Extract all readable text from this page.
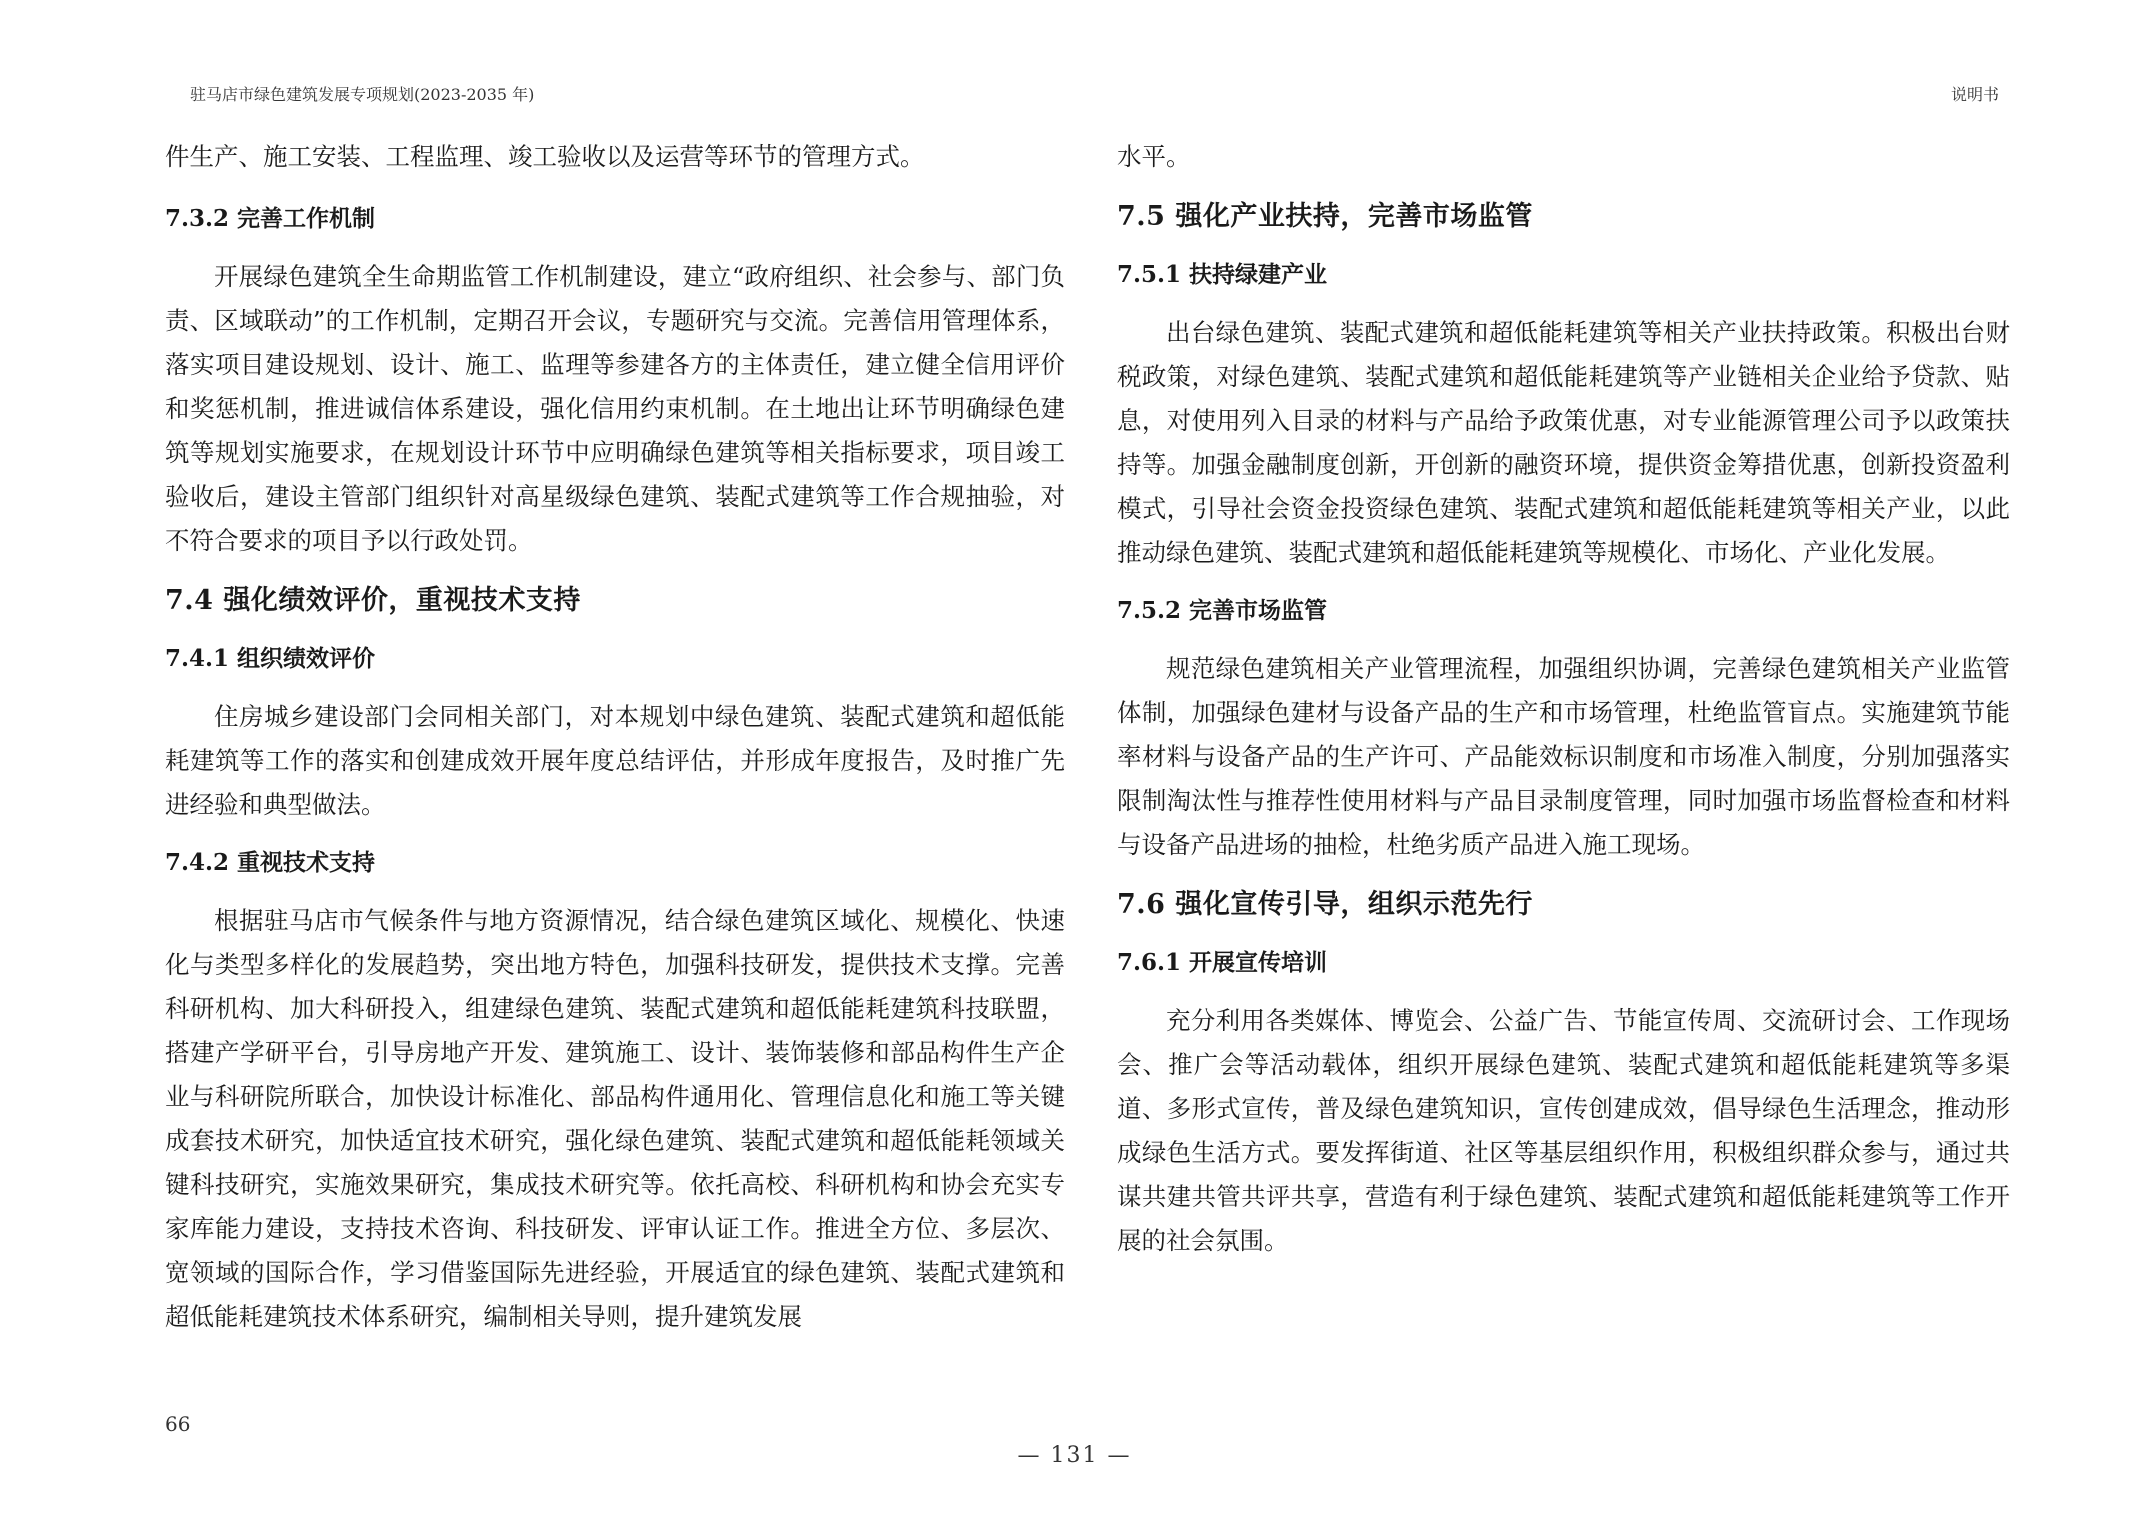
驻马店市绿色建筑发展专项规划(2023-2035 年)	说明书

件生产、施工安装、工程监理、竣工验收以及运营等环节的管理方式。

7.3.2 完善工作机制

开展绿色建筑全生命期监管工作机制建设，建立“政府组织、社会参与、部门负责、区域联动”的工作机制，定期召开会议，专题研究与交流。完善信用管理体系，落实项目建设规划、设计、施工、监理等参建各方的主体责任，建立健全信用评价和奖惩机制，推进诚信体系建设，强化信用约束机制。在土地出让环节明确绿色建筑等规划实施要求，在规划设计环节中应明确绿色建筑等相关指标要求，项目竣工验收后，建设主管部门组织针对高星级绿色建筑、装配式建筑等工作合规抽验，对不符合要求的项目予以行政处罚。

7.4 强化绩效评价，重视技术支持

7.4.1 组织绩效评价

住房城乡建设部门会同相关部门，对本规划中绿色建筑、装配式建筑和超低能耗建筑等工作的落实和创建成效开展年度总结评估，并形成年度报告，及时推广先进经验和典型做法。

7.4.2 重视技术支持

根据驻马店市气候条件与地方资源情况，结合绿色建筑区域化、规模化、快速化与类型多样化的发展趋势，突出地方特色，加强科技研发，提供技术支撑。完善科研机构、加大科研投入，组建绿色建筑、装配式建筑和超低能耗建筑科技联盟，搭建产学研平台，引导房地产开发、建筑施工、设计、装饰装修和部品构件生产企业与科研院所联合，加快设计标准化、部品构件通用化、管理信息化和施工等关键成套技术研究，加快适宜技术研究，强化绿色建筑、装配式建筑和超低能耗领域关键科技研究，实施效果研究，集成技术研究等。依托高校、科研机构和协会充实专家库能力建设，支持技术咨询、科技研发、评审认证工作。推进全方位、多层次、宽领域的国际合作，学习借鉴国际先进经验，开展适宜的绿色建筑、装配式建筑和超低能耗建筑技术体系研究，编制相关导则，提升建筑发展

水平。

7.5 强化产业扶持，完善市场监管

7.5.1 扶持绿建产业

出台绿色建筑、装配式建筑和超低能耗建筑等相关产业扶持政策。积极出台财税政策，对绿色建筑、装配式建筑和超低能耗建筑等产业链相关企业给予贷款、贴息，对使用列入目录的材料与产品给予政策优惠，对专业能源管理公司予以政策扶持等。加强金融制度创新，开创新的融资环境，提供资金筹措优惠，创新投资盈利模式，引导社会资金投资绿色建筑、装配式建筑和超低能耗建筑等相关产业，以此推动绿色建筑、装配式建筑和超低能耗建筑等规模化、市场化、产业化发展。

7.5.2 完善市场监管

规范绿色建筑相关产业管理流程，加强组织协调，完善绿色建筑相关产业监管体制，加强绿色建材与设备产品的生产和市场管理，杜绝监管盲点。实施建筑节能率材料与设备产品的生产许可、产品能效标识制度和市场准入制度，分别加强落实限制淘汰性与推荐性使用材料与产品目录制度管理，同时加强市场监督检查和材料与设备产品进场的抽检，杜绝劣质产品进入施工现场。

7.6 强化宣传引导，组织示范先行

7.6.1 开展宣传培训

充分利用各类媒体、博览会、公益广告、节能宣传周、交流研讨会、工作现场会、推广会等活动载体，组织开展绿色建筑、装配式建筑和超低能耗建筑等多渠道、多形式宣传，普及绿色建筑知识，宣传创建成效，倡导绿色生活理念，推动形成绿色生活方式。要发挥街道、社区等基层组织作用，积极组织群众参与，通过共谋共建共管共评共享，营造有利于绿色建筑、装配式建筑和超低能耗建筑等工作开展的社会氛围。

66
— 131 —
